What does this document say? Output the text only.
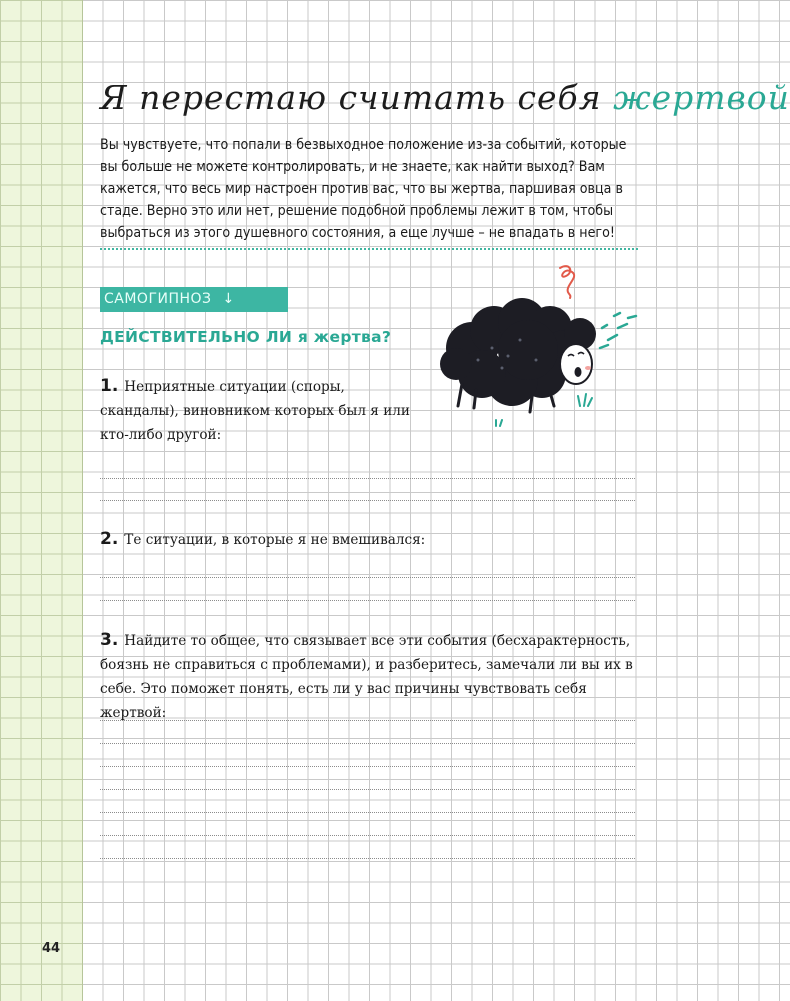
Я перестаю считать себя жертвой

Вы чувствуете, что попали в безвыходное положение из-за событий, которые вы больше не можете контролировать, и не знаете, как найти выход? Вам кажется, что весь мир настроен против вас, что вы жертва, паршивая овца в стаде. Верно это или нет, решение подобной проблемы лежит в том, чтобы выбраться из этого душевного состояния, а еще лучше – не впадать в него!

САМОГИПНОЗ ↓
ДЕЙСТВИТЕЛЬНО ЛИ я жертва?

1. Неприятные ситуации (споры, скандалы), виновником которых был я или кто-либо другой:

2. Те ситуации, в которые я не вмешивался:

3. Найдите то общее, что связывает все эти события (бесхарактерность, боязнь не справиться с проблемами), и разберитесь, замечали ли вы их в себе. Это поможет понять, есть ли у вас причины чувствовать себя жертвой:

44
